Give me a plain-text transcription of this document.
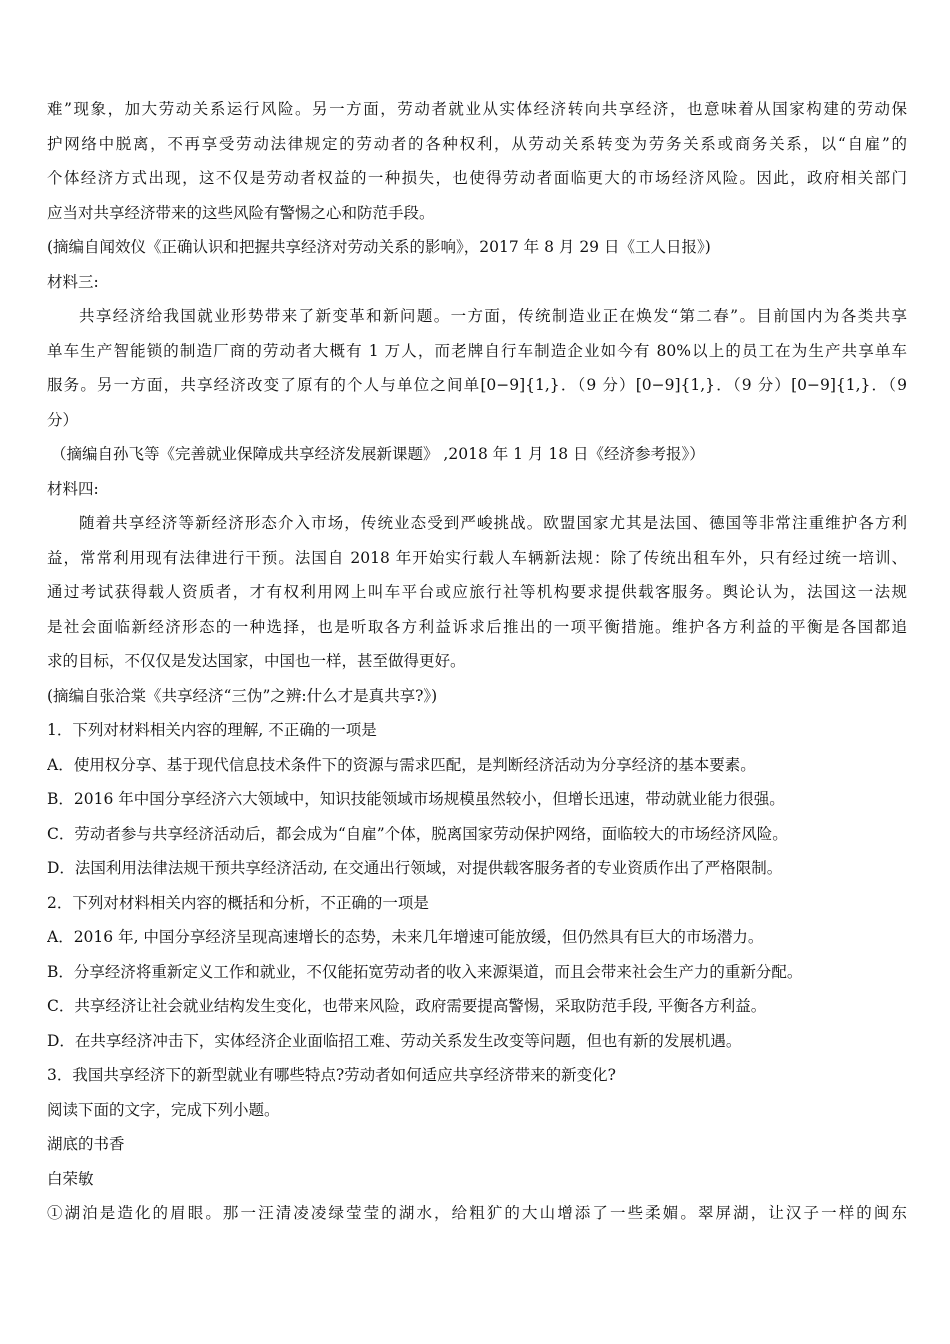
难”现象，加大劳动关系运行风险。另一方面，劳动者就业从实体经济转向共享经济，也意味着从国家构建的劳动保
护网络中脱离，不再享受劳动法律规定的劳动者的各种权利，从劳动关系转变为劳务关系或商务关系，以“自雇”的
个体经济方式出现，这不仅是劳动者权益的一种损失，也使得劳动者面临更大的市场经济风险。因此，政府相关部门
应当对共享经济带来的这些风险有警惕之心和防范手段。
(摘编自闻效仪《正确认识和把握共享经济对劳动关系的影响》，2017 年 8 月 29 日《工人日报》)
材料三:
共享经济给我国就业形势带来了新变革和新问题。一方面，传统制造业正在焕发“第二春”。目前国内为各类共享
单车生产智能锁的制造厂商的劳动者大概有 1 万人，而老牌自行车制造企业如今有 80%以上的员工在为生产共享单车
服务。另一方面，共享经济改变了原有的个人与单位之间单[0−9]{1,}．（9 分）[0−9]{1,}．（9 分）[0−9]{1,}．（9
分）
（摘编自孙飞等《完善就业保障成共享经济发展新课题》 ,2018 年 1 月 18 日《经济参考报》）
材料四:
随着共享经济等新经济形态介入市场，传统业态受到严峻挑战。欧盟国家尤其是法国、德国等非常注重维护各方利
益，常常利用现有法律进行干预。法国自 2018 年开始实行载人车辆新法规：除了传统出租车外，只有经过统一培训、
通过考试获得载人资质者，才有权利用网上叫车平台或应旅行社等机构要求提供载客服务。舆论认为，法国这一法规
是社会面临新经济形态的一种选择，也是听取各方利益诉求后推出的一项平衡措施。维护各方利益的平衡是各国都追
求的目标，不仅仅是发达国家，中国也一样，甚至做得更好。
(摘编自张洽棠《共享经济“三伪”之辨:什么才是真共享?》)
1．下列对材料相关内容的理解, 不正确的一项是
A．使用权分享、基于现代信息技术条件下的资源与需求匹配，是判断经济活动为分享经济的基本要素。
B．2016 年中国分享经济六大领域中，知识技能领域市场规模虽然较小，但增长迅速，带动就业能力很强。
C．劳动者参与共享经济活动后，都会成为“自雇”个体，脱离国家劳动保护网络，面临较大的市场经济风险。
D．法国利用法律法规干预共享经济活动, 在交通出行领域，对提供载客服务者的专业资质作出了严格限制。
2．下列对材料相关内容的概括和分析，不正确的一项是
A．2016 年, 中国分享经济呈现高速增长的态势，未来几年增速可能放缓，但仍然具有巨大的市场潜力。
B．分享经济将重新定义工作和就业，不仅能拓宽劳动者的收入来源渠道，而且会带来社会生产力的重新分配。
C．共享经济让社会就业结构发生变化，也带来风险，政府需要提高警惕，采取防范手段, 平衡各方利益。
D．在共享经济冲击下，实体经济企业面临招工难、劳动关系发生改变等问题，但也有新的发展机遇。
3．我国共享经济下的新型就业有哪些特点?劳动者如何适应共享经济带来的新变化?
阅读下面的文字，完成下列小题。
湖底的书香
白荣敏
①湖泊是造化的眉眼。那一汪清凌凌绿莹莹的湖水，给粗犷的大山增添了一些柔媚。翠屏湖，让汉子一样的闽东
